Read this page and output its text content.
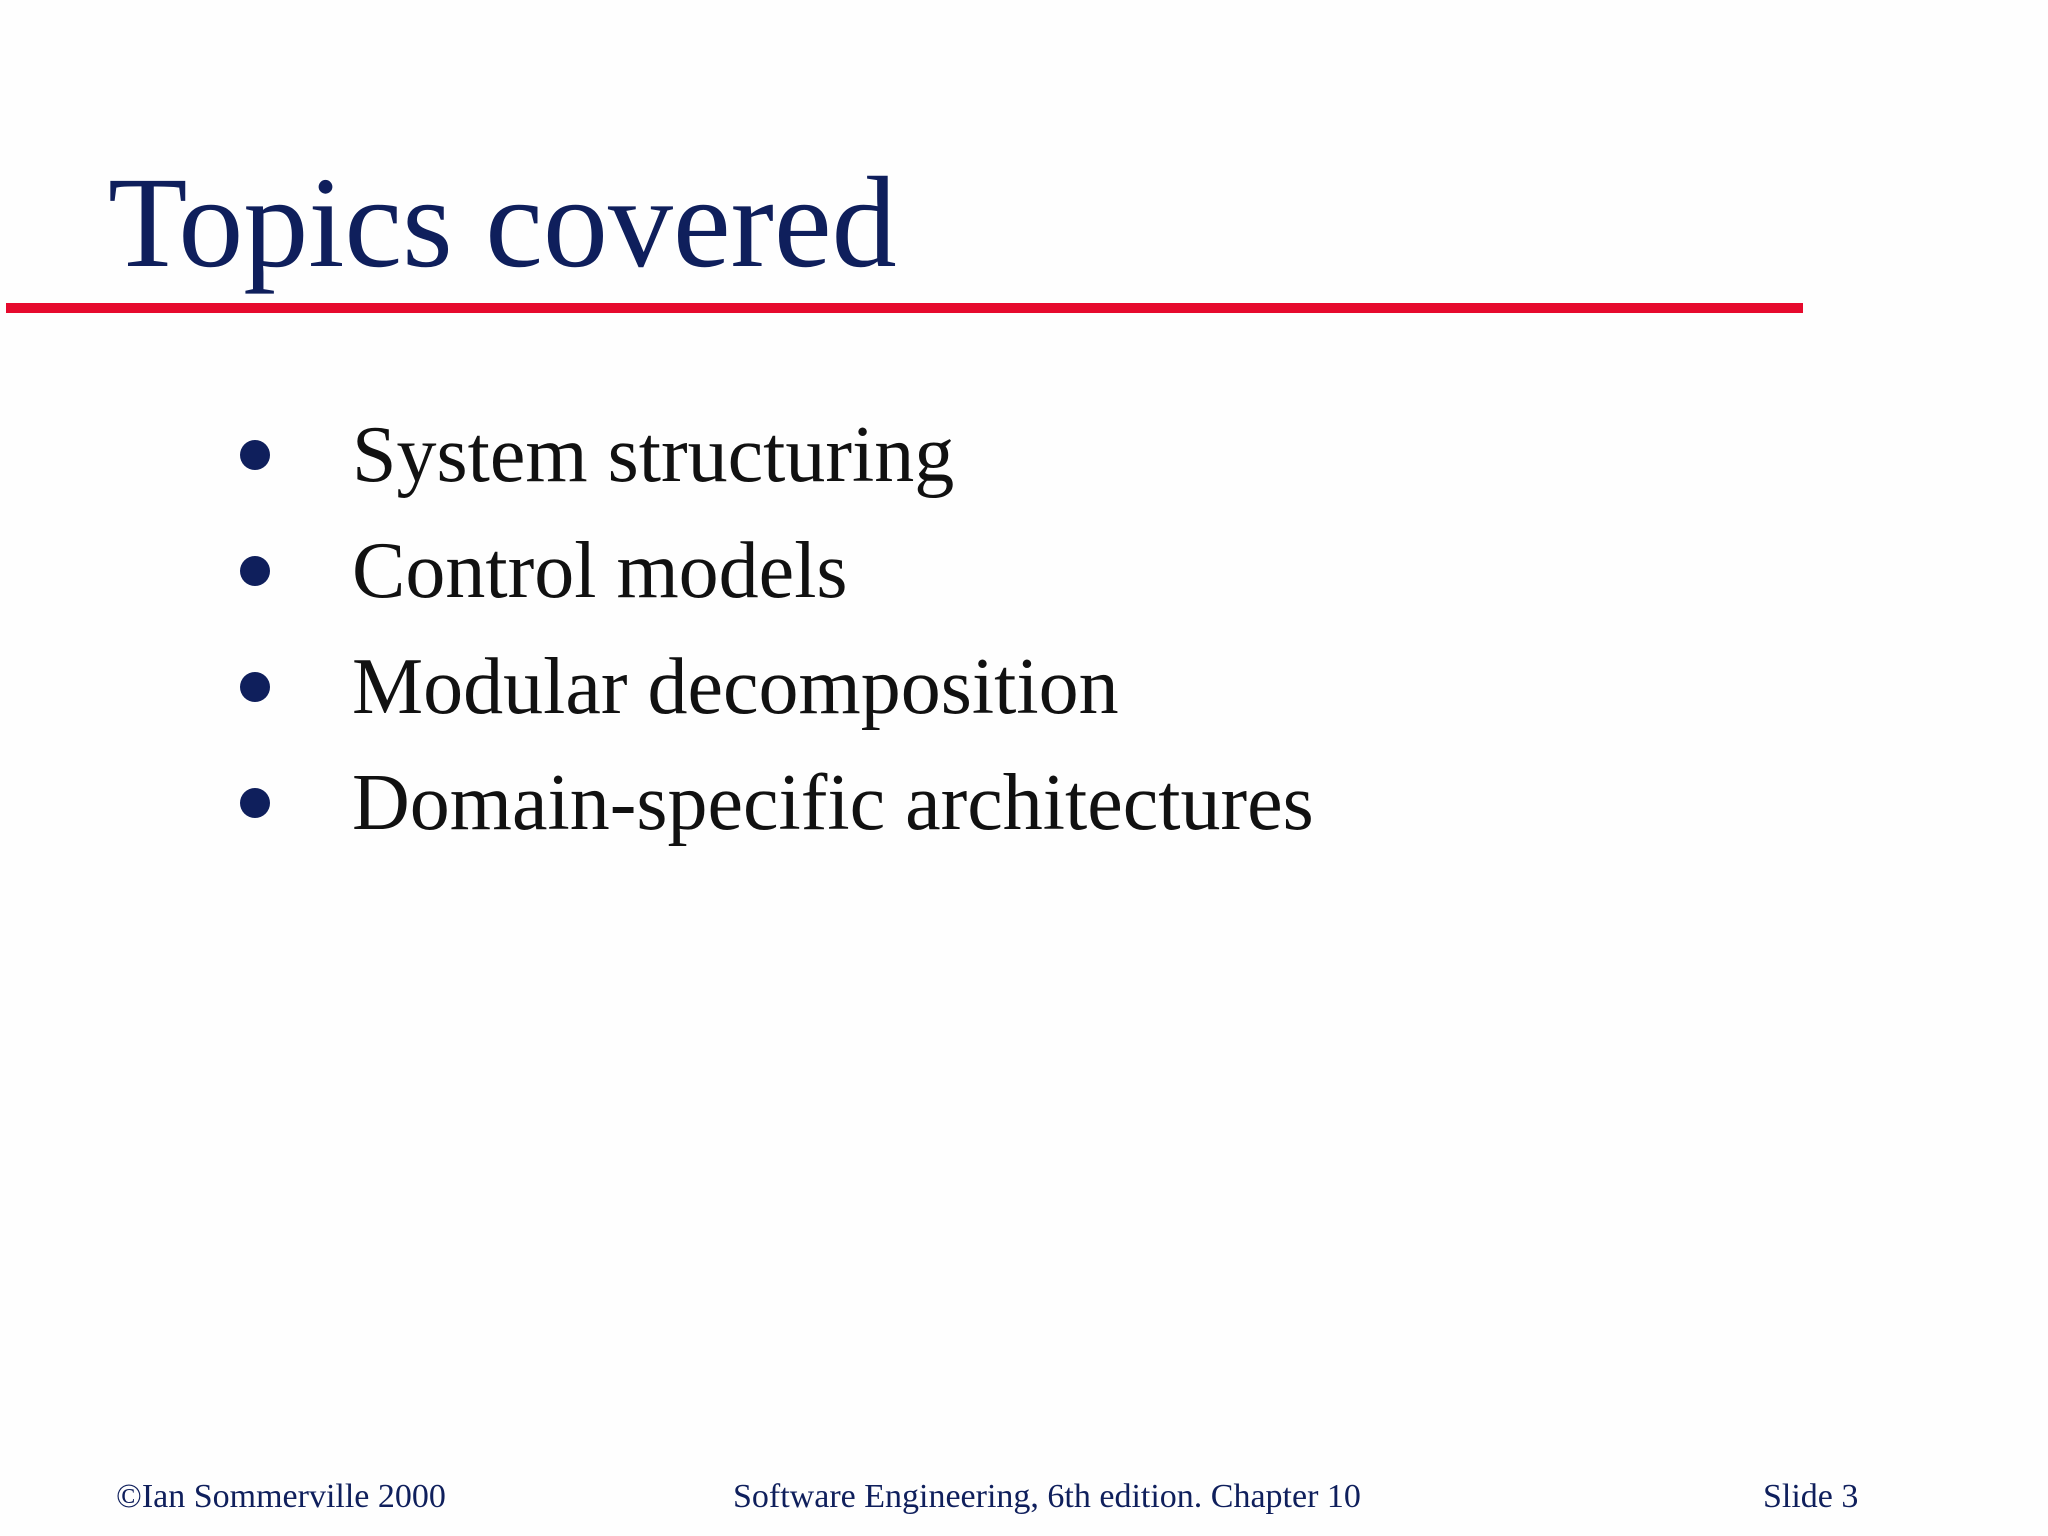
Topics covered
System structuring
Control models
Modular decomposition
Domain-specific architectures
©Ian Sommerville 2000	Software Engineering, 6th edition. Chapter 10	Slide 3
